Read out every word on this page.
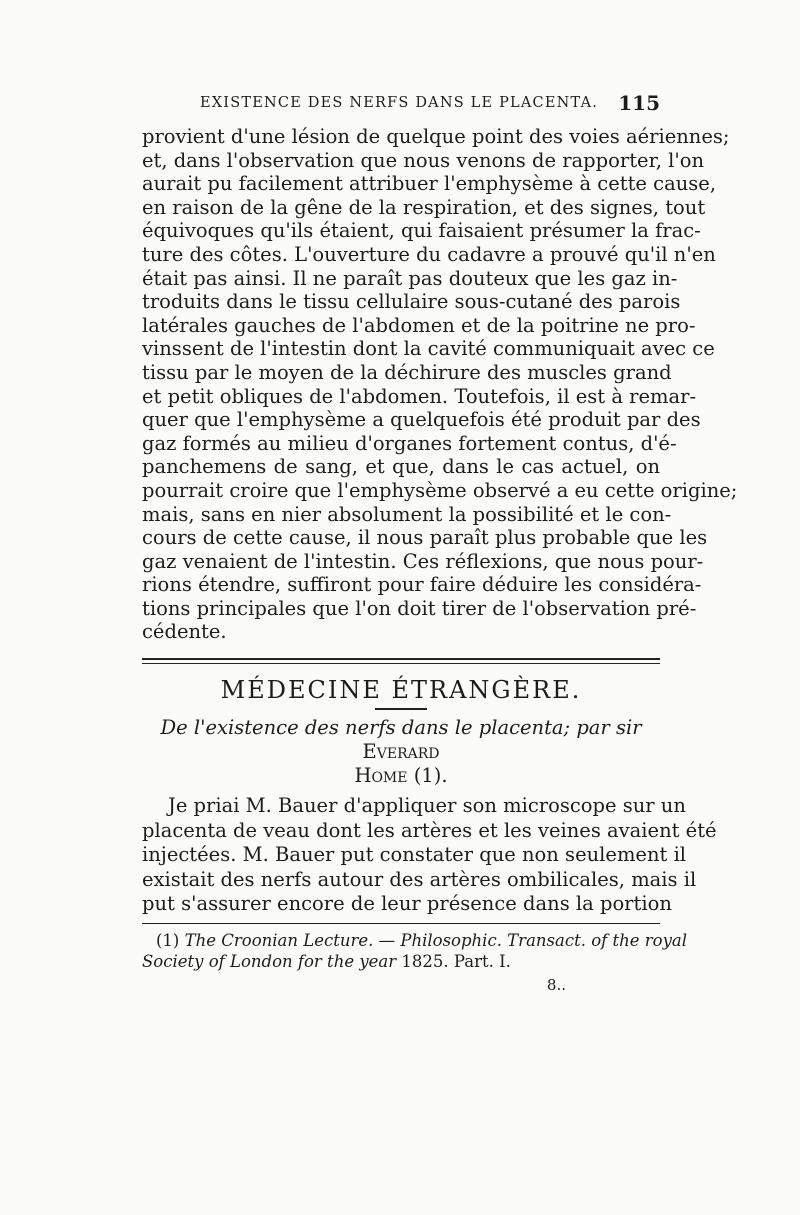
EXISTENCE DES NERFS DANS LE PLACENTA. 115

provient d'une lésion de quelque point des voies aériennes;
et, dans l'observation que nous venons de rapporter, l'on
aurait pu facilement attribuer l'emphysème à cette cause,
en raison de la gêne de la respiration, et des signes, tout
équivoques qu'ils étaient, qui faisaient présumer la frac-
ture des côtes. L'ouverture du cadavre a prouvé qu'il n'en
était pas ainsi. Il ne paraît pas douteux que les gaz in-
troduits dans le tissu cellulaire sous-cutané des parois
latérales gauches de l'abdomen et de la poitrine ne pro-
vinssent de l'intestin dont la cavité communiquait avec ce
tissu par le moyen de la déchirure des muscles grand
et petit obliques de l'abdomen. Toutefois, il est à remar-
quer que l'emphysème a quelquefois été produit par des
gaz formés au milieu d'organes fortement contus, d'é-
panchemens de sang, et que, dans le cas actuel, on
pourrait croire que l'emphysème observé a eu cette origine;
mais, sans en nier absolument la possibilité et le con-
cours de cette cause, il nous paraît plus probable que les
gaz venaient de l'intestin. Ces réflexions, que nous pour-
rions étendre, suffiront pour faire déduire les considéra-
tions principales que l'on doit tirer de l'observation pré-
cédente.

MÉDECINE ÉTRANGÈRE.
De l'existence des nerfs dans le placenta; par sir Everard
Home (1).

Je priai M. Bauer d'appliquer son microscope sur un
placenta de veau dont les artères et les veines avaient été
injectées. M. Bauer put constater que non seulement il
existait des nerfs autour des artères ombilicales, mais il
put s'assurer encore de leur présence dans la portion

(1) The Croonian Lecture. — Philosophic. Transact. of the royal
Society of London for the year 1825. Part. I.

8..
